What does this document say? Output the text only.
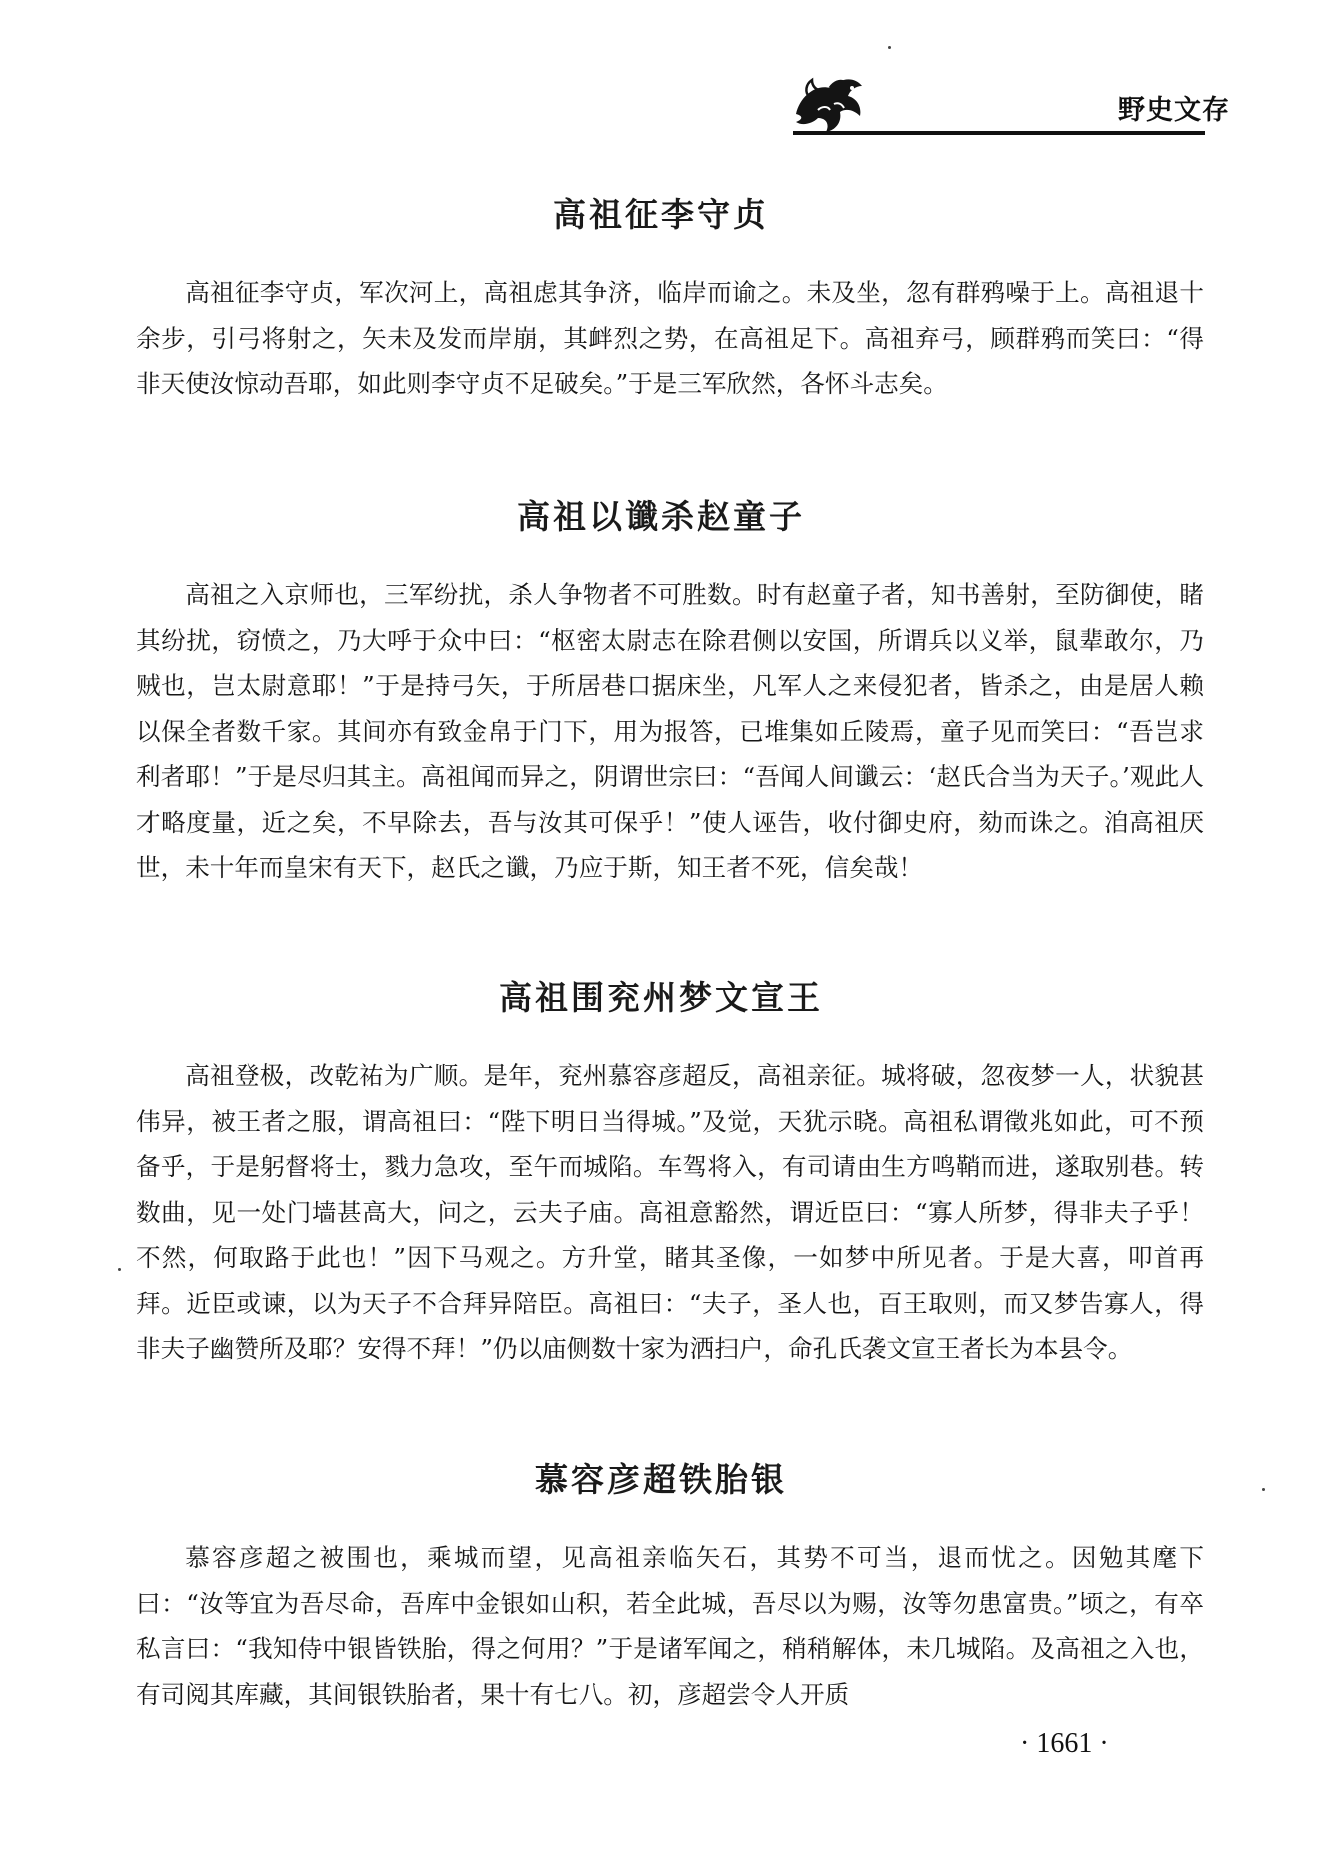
野史文存
高祖征李守贞

高祖征李守贞，军次河上，高祖虑其争济，临岸而谕之。未及坐，忽有群鸦噪于上。高祖退十余步，引弓将射之，矢未及发而岸崩，其衅烈之势，在高祖足下。高祖弃弓，顾群鸦而笑曰：“得非天使汝惊动吾耶，如此则李守贞不足破矣。”于是三军欣然，各怀斗志矣。

高祖以谶杀赵童子

高祖之入京师也，三军纷扰，杀人争物者不可胜数。时有赵童子者，知书善射，至防御使，睹其纷扰，窃愤之，乃大呼于众中曰：“枢密太尉志在除君侧以安国，所谓兵以义举，鼠辈敢尔，乃贼也，岂太尉意耶！”于是持弓矢，于所居巷口据床坐，凡军人之来侵犯者，皆杀之，由是居人赖以保全者数千家。其间亦有致金帛于门下，用为报答，已堆集如丘陵焉，童子见而笑曰：“吾岂求利者耶！”于是尽归其主。高祖闻而异之，阴谓世宗曰：“吾闻人间谶云：‘赵氏合当为天子。’观此人才略度量，近之矣，不早除去，吾与汝其可保乎！”使人诬告，收付御史府，劾而诛之。洎高祖厌世，未十年而皇宋有天下，赵氏之谶，乃应于斯，知王者不死，信矣哉！

高祖围兖州梦文宣王

高祖登极，改乾祐为广顺。是年，兖州慕容彦超反，高祖亲征。城将破，忽夜梦一人，状貌甚伟异，被王者之服，谓高祖曰：“陛下明日当得城。”及觉，天犹示晓。高祖私谓徵兆如此，可不预备乎，于是躬督将士，戮力急攻，至午而城陷。车驾将入，有司请由生方鸣鞘而进，遂取别巷。转数曲，见一处门墙甚高大，问之，云夫子庙。高祖意豁然，谓近臣曰：“寡人所梦，得非夫子乎！不然，何取路于此也！”因下马观之。方升堂，睹其圣像，一如梦中所见者。于是大喜，叩首再拜。近臣或谏，以为天子不合拜异陪臣。高祖曰：“夫子，圣人也，百王取则，而又梦告寡人，得非夫子幽赞所及耶？安得不拜！”仍以庙侧数十家为洒扫户，命孔氏袭文宣王者长为本县令。

慕容彦超铁胎银

慕容彦超之被围也，乘城而望，见高祖亲临矢石，其势不可当，退而忧之。因勉其麾下曰：“汝等宜为吾尽命，吾库中金银如山积，若全此城，吾尽以为赐，汝等勿患富贵。”顷之，有卒私言曰：“我知侍中银皆铁胎，得之何用？”于是诸军闻之，稍稍解体，未几城陷。及高祖之入也，有司阅其库藏，其间银铁胎者，果十有七八。初，彦超尝令人开质

· 1661 ·
